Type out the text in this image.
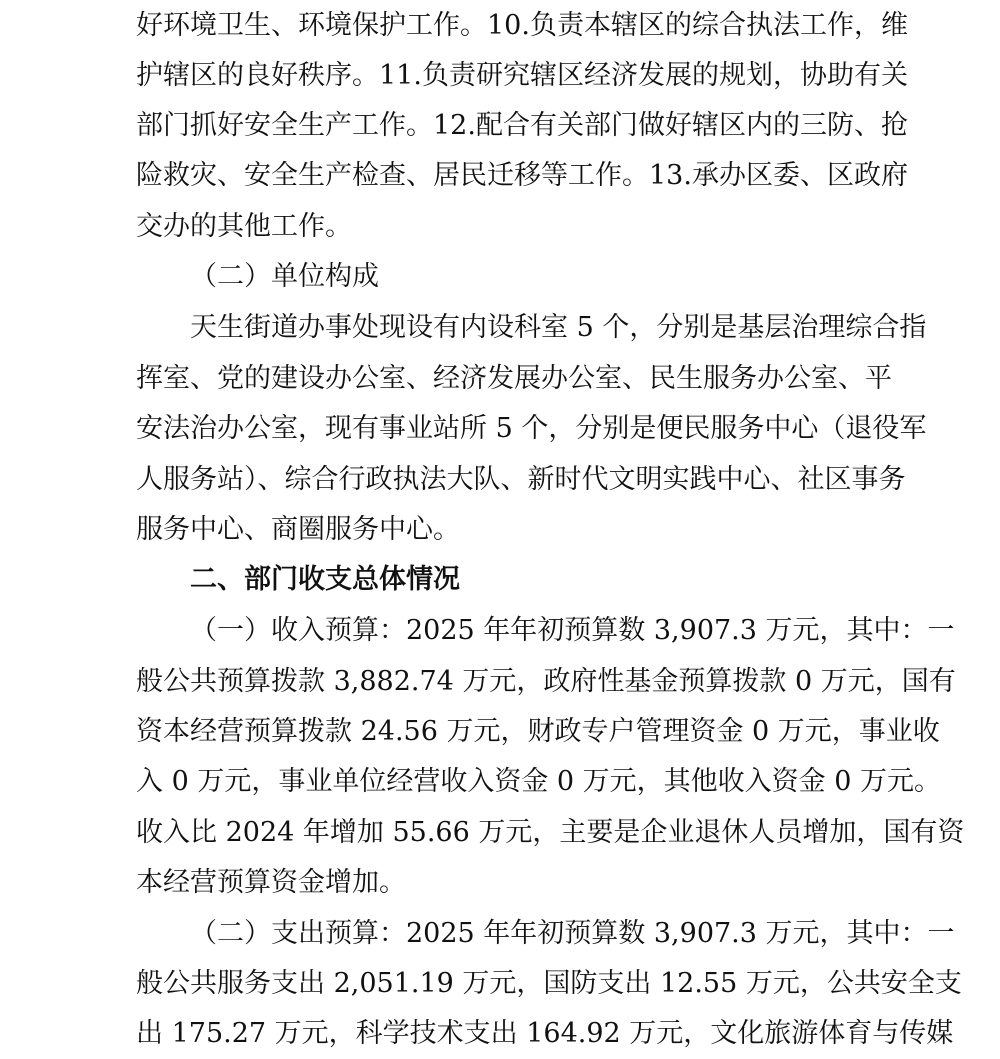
好环境卫生、环境保护工作。10.负责本辖区的综合执法工作，维
护辖区的良好秩序。11.负责研究辖区经济发展的规划，协助有关
部门抓好安全生产工作。12.配合有关部门做好辖区内的三防、抢
险救灾、安全生产检查、居民迁移等工作。13.承办区委、区政府
交办的其他工作。
（二）单位构成
天生街道办事处现设有内设科室 5 个，分别是基层治理综合指
挥室、党的建设办公室、经济发展办公室、民生服务办公室、平
安法治办公室，现有事业站所 5 个，分别是便民服务中心（退役军
人服务站）、综合行政执法大队、新时代文明实践中心、社区事务
服务中心、商圈服务中心。
二、部门收支总体情况
（一）收入预算：2025 年年初预算数 3,907.3 万元，其中：一
般公共预算拨款 3,882.74 万元，政府性基金预算拨款 0 万元，国有
资本经营预算拨款 24.56 万元，财政专户管理资金 0 万元，事业收
入 0 万元，事业单位经营收入资金 0 万元，其他收入资金 0 万元。
收入比 2024 年增加 55.66 万元，主要是企业退休人员增加，国有资
本经营预算资金增加。
（二）支出预算：2025 年年初预算数 3,907.3 万元，其中：一
般公共服务支出 2,051.19 万元，国防支出 12.55 万元，公共安全支
出 175.27 万元，科学技术支出 164.92 万元，文化旅游体育与传媒
